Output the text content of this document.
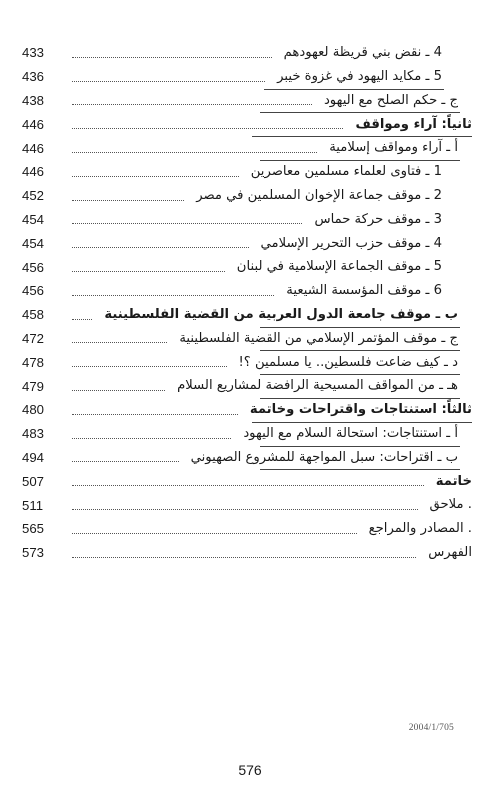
4 ـ نقض بني قريظة لعهودهم
433
5 ـ مكايد اليهود في غزوة خيبر
436
ج ـ حكم الصلح مع اليهود
438
ثانياً: آراء ومواقف
446
أ ـ آراء ومواقف إسلامية
446
1 ـ فتاوى لعلماء مسلمين معاصرين
446
2 ـ موقف جماعة الإخوان المسلمين في مصر
452
3 ـ موقف حركة حماس
454
4 ـ موقف حزب التحرير الإسلامي
454
5 ـ موقف الجماعة الإسلامية في لبنان
456
6 ـ موقف المؤسسة الشيعية
456
ب ـ موقف جامعة الدول العربية من القضية الفلسطينية
458
ج ـ موقف المؤتمر الإسلامي من القضية الفلسطينية
472
د ـ كيف ضاعت فلسطين.. يا مسلمين ؟!
478
هـ ـ من المواقف المسيحية الرافضة لمشاريع السلام
479
ثالثاً: استنتاجات واقتراحات وخاتمة
480
أ ـ استنتاجات: استحالة السلام مع اليهود
483
ب ـ اقتراحات: سبل المواجهة للمشروع الصهيوني
494
خاتمة
507
. ملاحق
511
. المصادر والمراجع
565
الفهرس
573
2004/1/705
576
